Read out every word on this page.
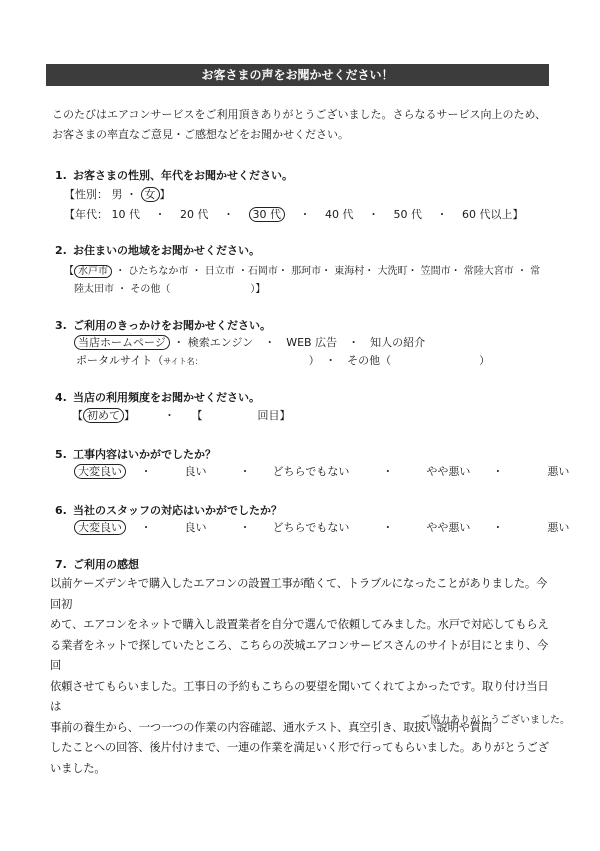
お客さまの声をお聞かせください！
このたびはエアコンサービスをご利用頂きありがとうございました。さらなるサービス向上のため、お客さまの率直なご意見・ご感想などをお聞かせください。
1. お客さまの性別、年代をお聞かせください。
【性別： 男 ・ 女 】
【年代： 10 代 　・　 20 代 　・　 30 代 　・　 40 代 　・　 50 代 　・　 60 代以上】
2. お住まいの地域をお聞かせください。
【 水戸市 ・ ひたちなか市 ・ 日立市 ・石岡市・ 那珂市・ 東海村・ 大洗町・ 笠間市・ 常陸大宮市 ・ 常
陸太田市 ・ その他（　　　　　　　　）】
3. ご利用のきっかけをお聞かせください。
当店ホームページ ・ 検索エンジン　・　WEB 広告　・　知人の紹介
ポータルサイト（サイト名：　　　　　　　　　　）　・　その他（　　　　　　　　）
4. 当店の利用頻度をお聞かせください。
【 初めて 】 　　	・　　【　　　　　回目】
5. 工事内容はいかがでしたか？
大変良い 　 ・　　　良い　　　・　　どちらでもない　　　・　　　やや悪い　　・　　　　悪い
6. 当社のスタッフの対応はいかがでしたか？
大変良い 　 ・　　　良い　　　・　　どちらでもない　　　・　　　やや悪い　　・　　　　悪い
7. ご利用の感想
以前ケーズデンキで購入したエアコンの設置工事が酷くて、トラブルになったことがありました。今回初
めて、エアコンをネットで購入し設置業者を自分で選んで依頼してみました。水戸で対応してもらえ
る業者をネットで探していたところ、こちらの茨城エアコンサービスさんのサイトが目にとまり、今回
依頼させてもらいました。工事日の予約もこちらの要望を聞いてくれてよかったです。取り付け当日は
事前の養生から、一つ一つの作業の内容確認、通水テスト、真空引き、取扱い説明や質問
したことへの回答、後片付けまで、一連の作業を満足いく形で行ってもらいました。ありがとうござ
いました。
ご協力ありがとうございました。
